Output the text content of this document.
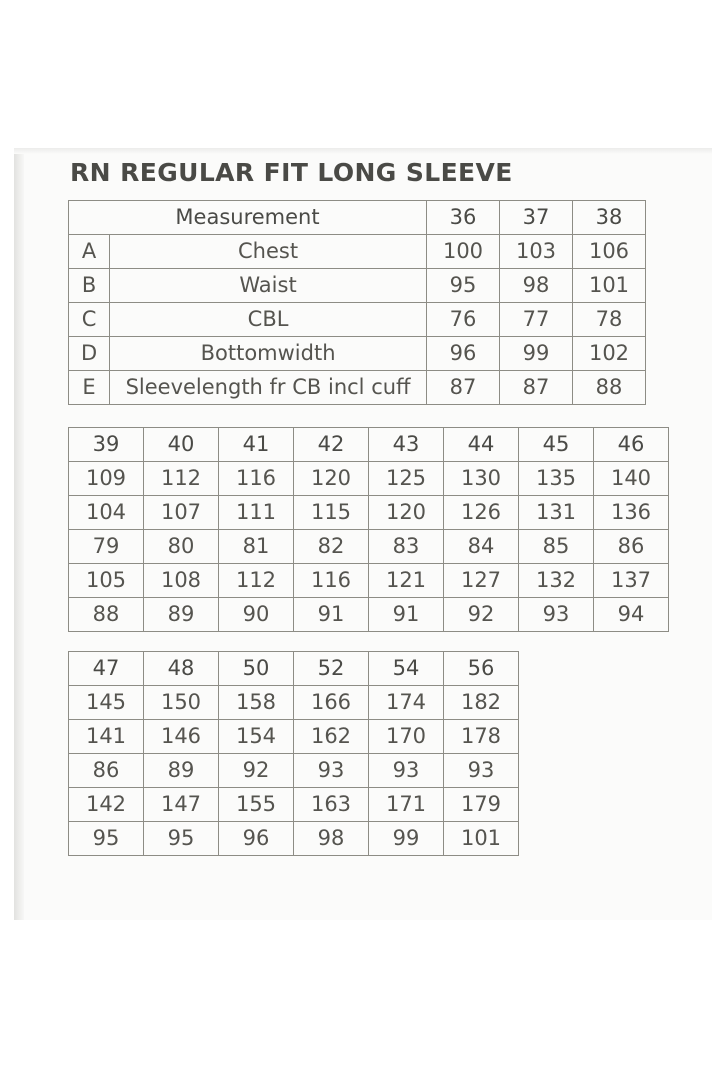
RN REGULAR FIT LONG SLEEVE
Measurement		36	37	38
A	Chest	100	103	106
B	Waist	95	98	101
C	CBL	76	77	78
D	Bottomwidth	96	99	102
E	Sleevelength fr CB incl cuff	87	87	88
39	40	41	42	43	44	45	46
109	112	116	120	125	130	135	140
104	107	111	115	120	126	131	136
79	80	81	82	83	84	85	86
105	108	112	116	121	127	132	137
88	89	90	91	91	92	93	94
47	48	50	52	54	56
145	150	158	166	174	182
141	146	154	162	170	178
86	89	92	93	93	93
142	147	155	163	171	179
95	95	96	98	99	101
